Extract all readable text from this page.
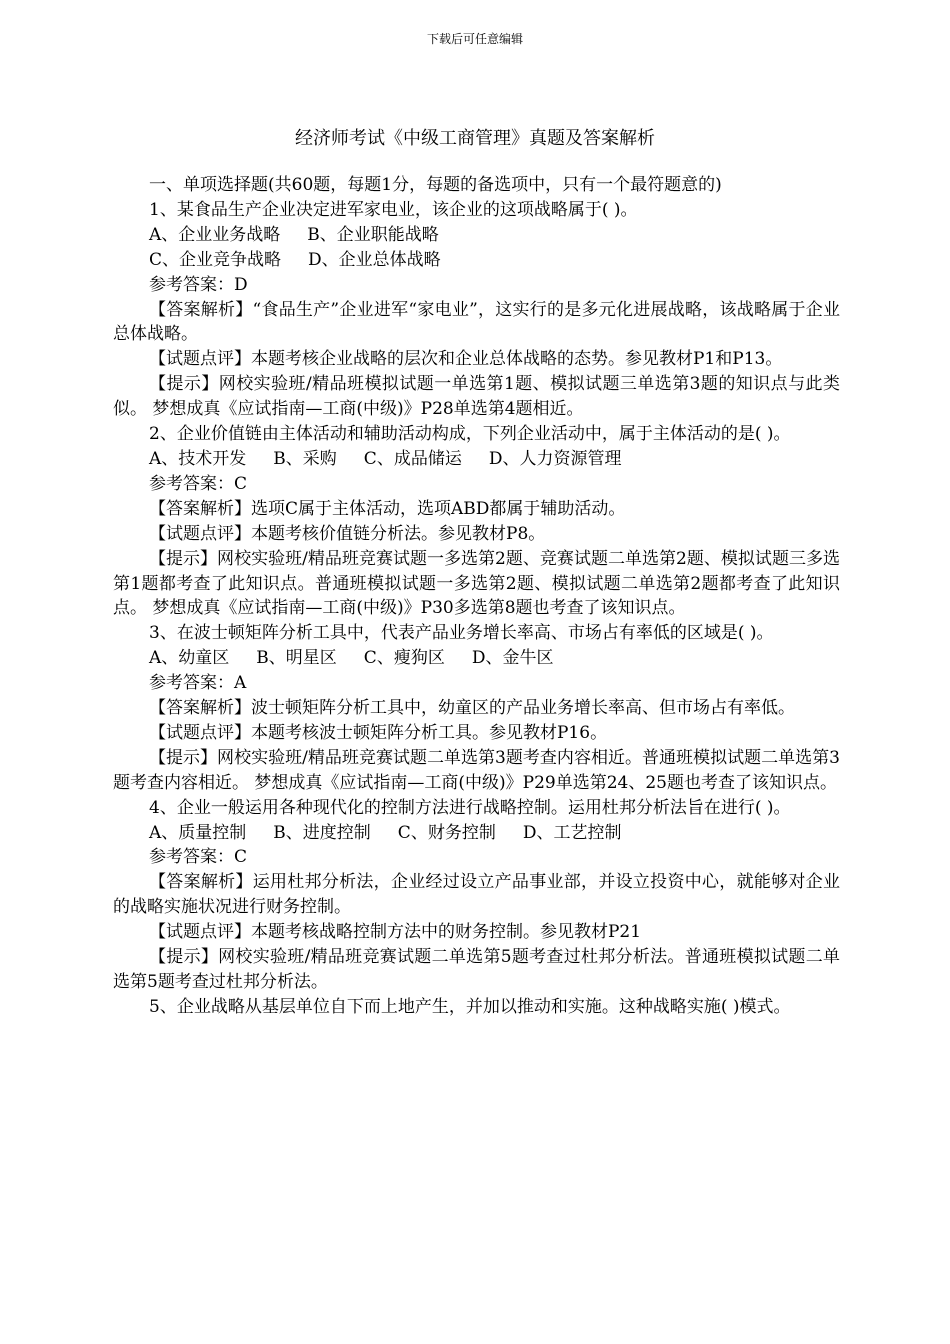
下载后可任意编辑
经济师考试《中级工商管理》真题及答案解析
一、单项选择题(共60题，每题1分，每题的备选项中，只有一个最符题意的)
1、某食品生产企业决定进军家电业，该企业的这项战略属于( )。
A、企业业务战略     B、企业职能战略
C、企业竞争战略     D、企业总体战略
参考答案：D
【答案解析】“食品生产”企业进军“家电业”，这实行的是多元化进展战略，该战略属于企业总体战略。
【试题点评】本题考核企业战略的层次和企业总体战略的态势。参见教材P1和P13。
【提示】网校实验班/精品班模拟试题一单选第1题、模拟试题三单选第3题的知识点与此类似。 梦想成真《应试指南—工商(中级)》P28单选第4题相近。
2、企业价值链由主体活动和辅助活动构成，下列企业活动中，属于主体活动的是( )。
A、技术开发     B、采购     C、成品储运     D、人力资源管理
参考答案：C
【答案解析】选项C属于主体活动，选项ABD都属于辅助活动。
【试题点评】本题考核价值链分析法。参见教材P8。
【提示】网校实验班/精品班竞赛试题一多选第2题、竞赛试题二单选第2题、模拟试题三多选第1题都考查了此知识点。普通班模拟试题一多选第2题、模拟试题二单选第2题都考查了此知识点。 梦想成真《应试指南—工商(中级)》P30多选第8题也考查了该知识点。
3、在波士顿矩阵分析工具中，代表产品业务增长率高、市场占有率低的区域是( )。
A、幼童区     B、明星区     C、瘦狗区     D、金牛区
参考答案：A
【答案解析】波士顿矩阵分析工具中，幼童区的产品业务增长率高、但市场占有率低。
【试题点评】本题考核波士顿矩阵分析工具。参见教材P16。
【提示】网校实验班/精品班竞赛试题二单选第3题考查内容相近。普通班模拟试题二单选第3题考查内容相近。 梦想成真《应试指南—工商(中级)》P29单选第24、25题也考查了该知识点。
4、企业一般运用各种现代化的控制方法进行战略控制。运用杜邦分析法旨在进行( )。
A、质量控制     B、进度控制     C、财务控制     D、工艺控制
参考答案：C
【答案解析】运用杜邦分析法，企业经过设立产品事业部，并设立投资中心，就能够对企业的战略实施状况进行财务控制。
【试题点评】本题考核战略控制方法中的财务控制。参见教材P21
【提示】网校实验班/精品班竞赛试题二单选第5题考查过杜邦分析法。普通班模拟试题二单选第5题考查过杜邦分析法。
5、企业战略从基层单位自下而上地产生，并加以推动和实施。这种战略实施( )模式。
